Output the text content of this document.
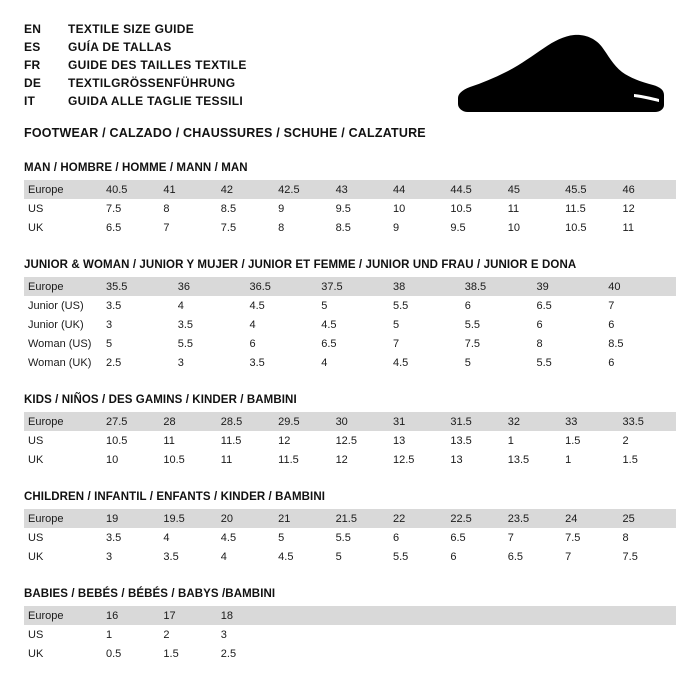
EN	TEXTILE SIZE GUIDE
ES	GUÍA DE TALLAS
FR	GUIDE DES TAILLES TEXTILE
DE	TEXTILGRÖSSENFÜHRUNG
IT	GUIDA ALLE TAGLIE TESSILI
FOOTWEAR / CALZADO / CHAUSSURES / SCHUHE / CALZATURE
MAN / HOMBRE / HOMME / MANN / MAN
Europe	40.5	41	42	42.5	43	44	44.5	45	45.5	46
US	7.5	8	8.5	9	9.5	10	10.5	11	11.5	12
UK	6.5	7	7.5	8	8.5	9	9.5	10	10.5	11
JUNIOR & WOMAN / JUNIOR Y MUJER / JUNIOR ET FEMME / JUNIOR UND FRAU / JUNIOR E DONA
Europe	35.5	36	36.5	37.5	38	38.5	39	40
Junior (US)	3.5	4	4.5	5	5.5	6	6.5	7
Junior (UK)	3	3.5	4	4.5	5	5.5	6	6
Woman (US)	5	5.5	6	6.5	7	7.5	8	8.5
Woman (UK)	2.5	3	3.5	4	4.5	5	5.5	6
KIDS / NIÑOS / DES GAMINS / KINDER / BAMBINI
Europe	27.5	28	28.5	29.5	30	31	31.5	32	33	33.5
US	10.5	11	11.5	12	12.5	13	13.5	1	1.5	2
UK	10	10.5	11	11.5	12	12.5	13	13.5	1	1.5
CHILDREN / INFANTIL / ENFANTS / KINDER / BAMBINI
Europe	19	19.5	20	21	21.5	22	22.5	23.5	24	25
US	3.5	4	4.5	5	5.5	6	6.5	7	7.5	8
UK	3	3.5	4	4.5	5	5.5	6	6.5	7	7.5
BABIES / BEBÉS / BÉBÉS / BABYS /BAMBINI
Europe	16	17	18							
US	1	2	3							
UK	0.5	1.5	2.5							
